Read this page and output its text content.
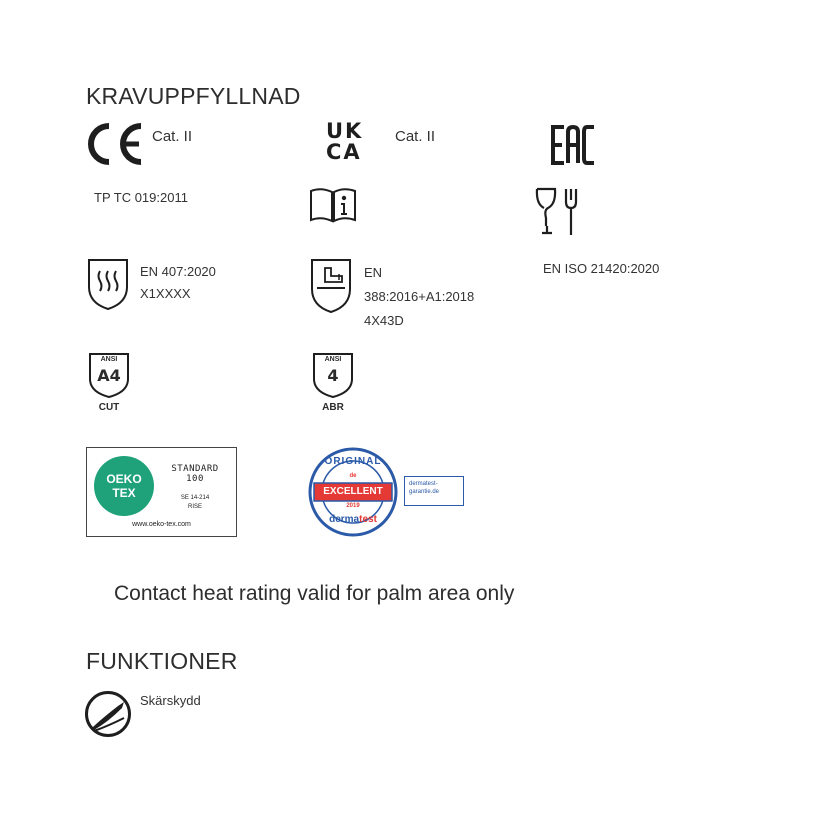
KRAVUPPFYLLNAD
Cat. II	UK
CA
Cat. II
TP TC 019:2011
EN 407:2020
X1XXXX
EN
388:2016+A1:2018
4X43D
EN ISO 21420:2020
ANSI
A4
CUT
ANSI
4
ABR
OEKO
TEX
STANDARD
100
SE 14-214
RISE
www.oeko-tex.com
ORIGINAL
de
EXCELLENT
2019
dermatest
dermatest-
garantie.de
Contact heat rating valid for palm area only
FUNKTIONER
Skärskydd
